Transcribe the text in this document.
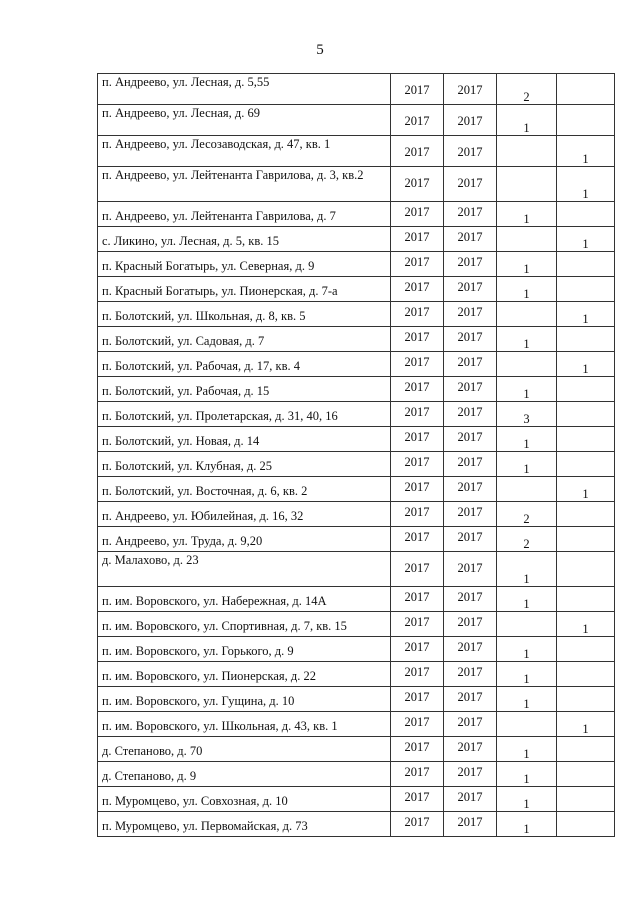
5
п. Андреево, ул. Лесная, д. 5,55	2017	2017	2	

п. Андреево, ул. Лесная, д. 69	2017	2017	1	

п. Андреево, ул. Лесозаводская, д. 47, кв. 1	2017	2017		1

п. Андреево, ул. Лейтенанта Гаврилова, д. 3, кв.2	2017	2017		1

п. Андреево, ул. Лейтенанта Гаврилова, д. 7	2017	2017	1	

с. Ликино, ул. Лесная, д. 5, кв. 15	2017	2017		1

п. Красный Богатырь, ул. Северная, д. 9	2017	2017	1	

п. Красный Богатырь, ул. Пионерская, д. 7-а	2017	2017	1	

п. Болотский, ул. Школьная, д. 8, кв. 5	2017	2017		1

п. Болотский, ул. Садовая, д. 7	2017	2017	1	

п. Болотский, ул. Рабочая, д. 17, кв. 4	2017	2017		1

п. Болотский, ул. Рабочая, д. 15	2017	2017	1	

п. Болотский, ул. Пролетарская, д. 31, 40, 16	2017	2017	3	

п. Болотский, ул. Новая, д. 14	2017	2017	1	

п. Болотский, ул. Клубная, д. 25	2017	2017	1	

п. Болотский, ул. Восточная, д. 6, кв. 2	2017	2017		1

п. Андреево, ул. Юбилейная, д. 16, 32	2017	2017	2	

п. Андреево, ул. Труда, д. 9,20	2017	2017	2	

д. Малахово, д. 23	2017	2017	1	

п. им. Воровского, ул. Набережная, д. 14А	2017	2017	1	

п. им. Воровского, ул. Спортивная, д. 7, кв. 15	2017	2017		1

п. им. Воровского, ул. Горького, д. 9	2017	2017	1	

п. им. Воровского, ул. Пионерская, д. 22	2017	2017	1	

п. им. Воровского, ул. Гущина, д. 10	2017	2017	1	

п. им. Воровского, ул. Школьная, д. 43, кв. 1	2017	2017		1

д. Степаново, д. 70	2017	2017	1	

д. Степаново, д. 9	2017	2017	1	

п. Муромцево, ул. Совхозная, д. 10	2017	2017	1	

п. Муромцево, ул. Первомайская, д. 73	2017	2017	1	
